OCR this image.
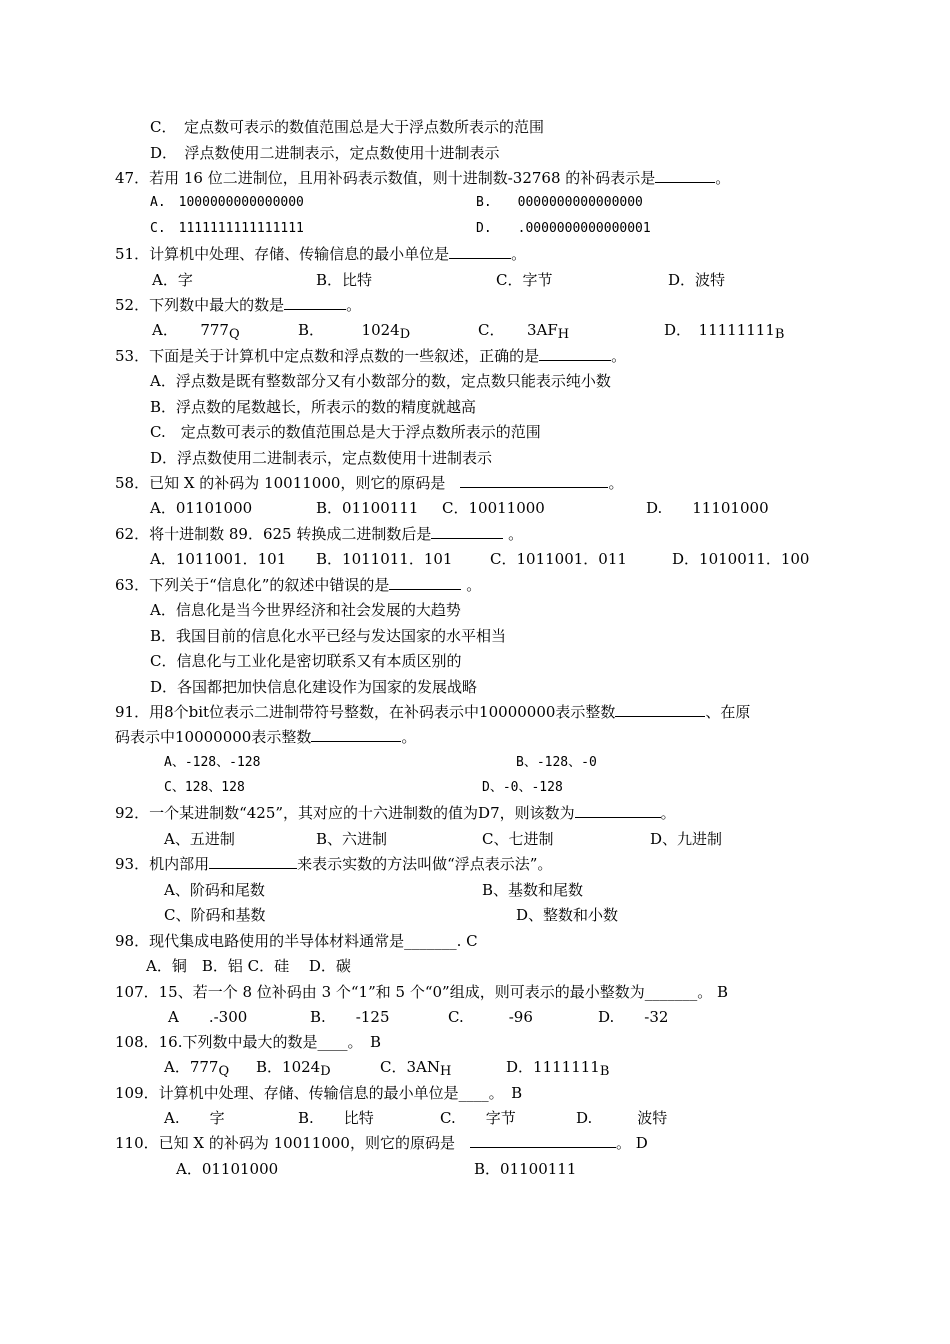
C．　定点数可表示的数值范围总是大于浮点数所表示的范围
D．　浮点数使用二进制表示，定点数使用十进制表示
47．若用 16 位二进制位，且用补码表示数值，则十进制数-32768 的补码表示是	。
A.　1000000000000000	B.　　0000000000000000
C.　1111111111111111	D.　　.0000000000000001
51．计算机中处理、存储、传输信息的最小单位是	。
A．字	B．比特	C．字节	D．波特
52．下列数中最大的数是	。
A．　　777Q	B．　　　1024D	C．　　3AFH	D．　11111111B
53．下面是关于计算机中定点数和浮点数的一些叙述，正确的是	。
A．浮点数是既有整数部分又有小数部分的数，定点数只能表示纯小数
B．浮点数的尾数越长，所表示的数的精度就越高
C.　定点数可表示的数值范围总是大于浮点数所表示的范围
D．浮点数使用二进制表示，定点数使用十进制表示
58．已知 X 的补码为 10011000，则它的原码是　	。
A．01101000	B．01100111 C．10011000	D.　　11101000
62．将十进制数 89．625 转换成二进制数后是	。
A．1011001．101 B．1011011．101	C．1011001．011	D．1010011．100
63．下列关于“信息化”的叙述中错误的是	。
A．信息化是当今世界经济和社会发展的大趋势
B．我国目前的信息化水平已经与发达国家的水平相当
C．信息化与工业化是密切联系又有本质区别的
D．各国都把加快信息化建设作为国家的发展战略
91．用8个bit位表示二进制带符号整数，在补码表示中10000000表示整数	、在原
码表示中10000000表示整数	。
A、-128、-128	B、-128、-0
C、128、128	D、-0、-128
92．一个某进制数“425”，其对应的十六进制数的值为D7，则该数为	。
A、五进制	B、六进制	C、七进制	D、九进制
93．机内部用	来表示实数的方法叫做“浮点表示法”。
A、阶码和尾数	B、基数和尾数
C、阶码和基数	D、整数和小数
98．现代集成电路使用的半导体材料通常是_______. C
A．铜　B．铝 C．硅　 D．碳
107．15、若一个 8 位补码由 3 个“1”和 5 个“0”组成，则可表示的最小整数为_______。 B
A　　.-300	B.　　-125	C.　　　-96	D.　　-32
108．16.下列数中最大的数是____。　B
A．777Q B．1024D	C．3ANH	D．1111111B
109．计算机中处理、存储、传输信息的最小单位是____。　B
A.　　字	B.　　比特	C.　　字节	D.　　　波特
110．已知 X 的补码为 10011000，则它的原码是　	。 D
A．01101000	B．01100111
